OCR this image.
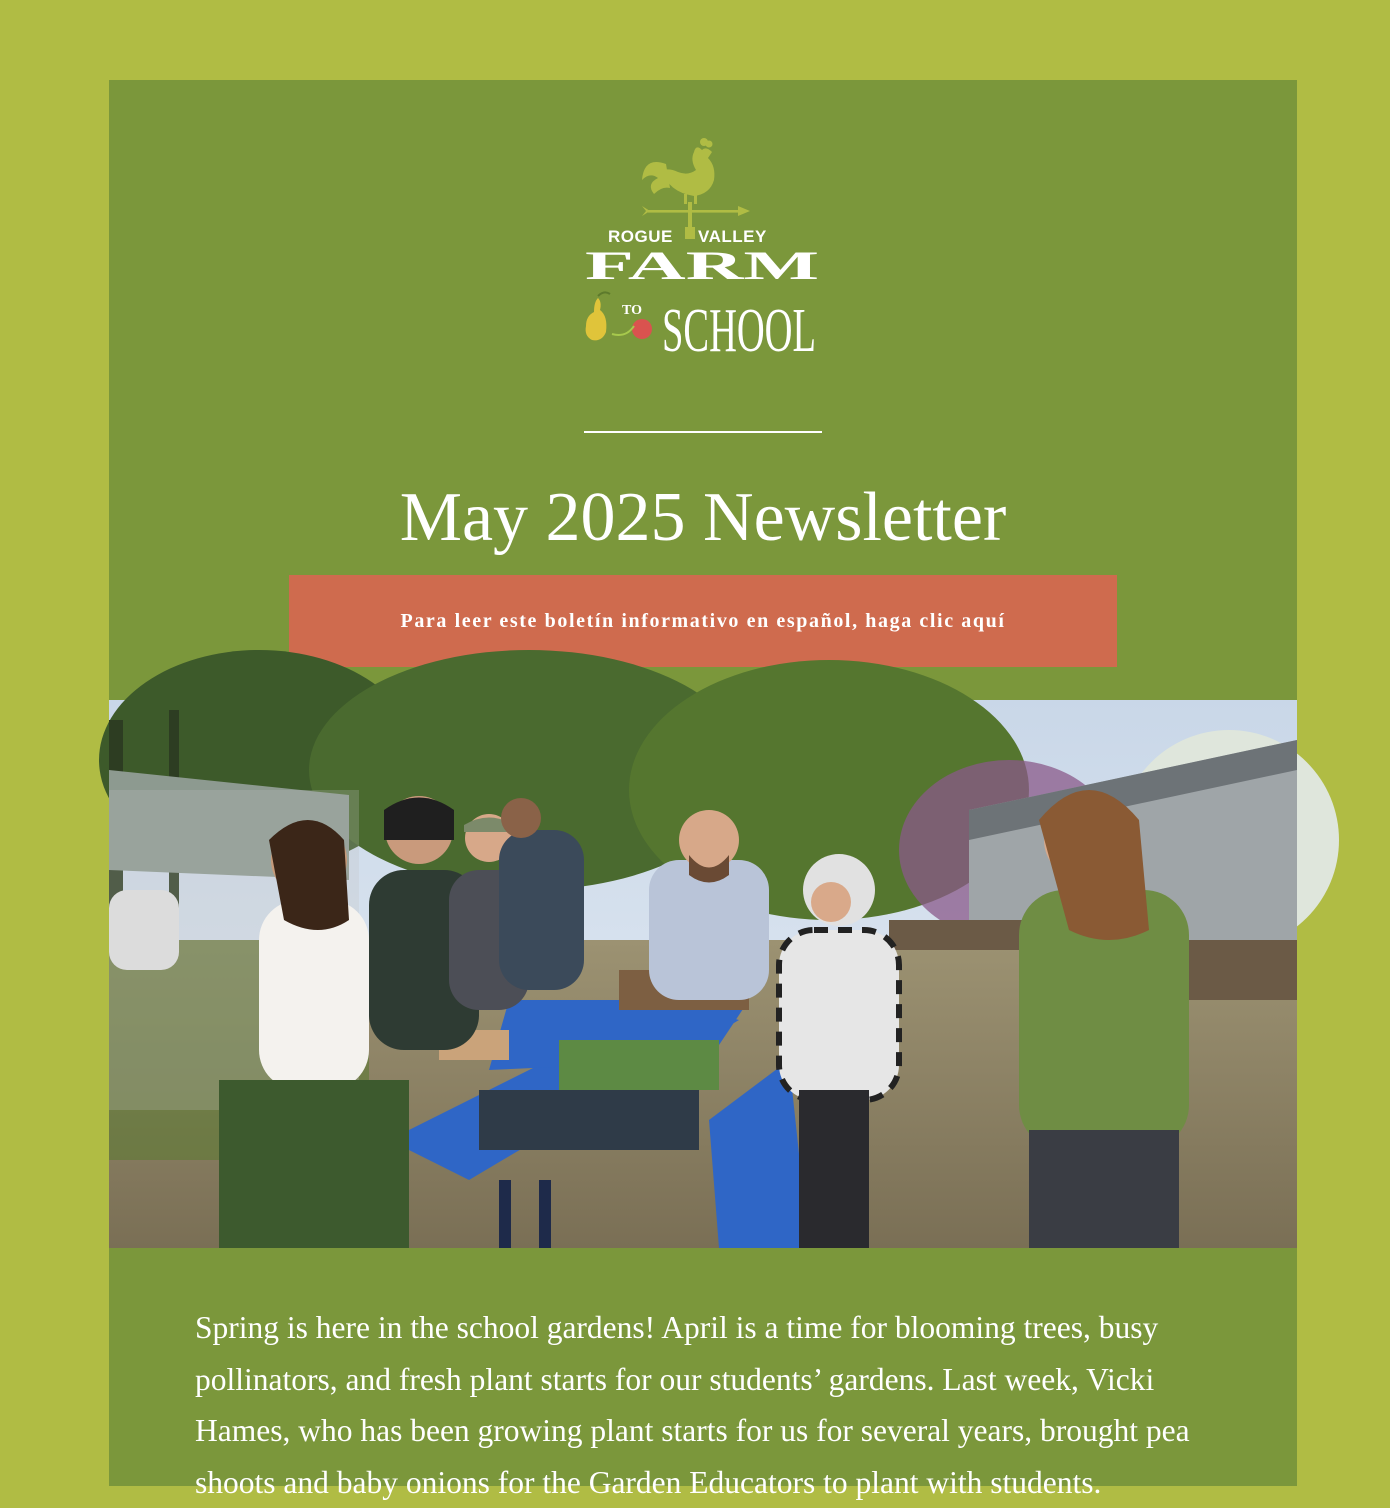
ROGUE VALLEY
FARM
TO SCHOOL
May 2025 Newsletter
Para leer este boletín informativo en español, haga clic aquí

Spring is here in the school gardens! April is a time for blooming trees, busy pollinators, and fresh plant starts for our students’ gardens. Last week, Vicki Hames, who has been growing plant starts for us for several years, brought pea shoots and baby onions for the Garden Educators to plant with students.
